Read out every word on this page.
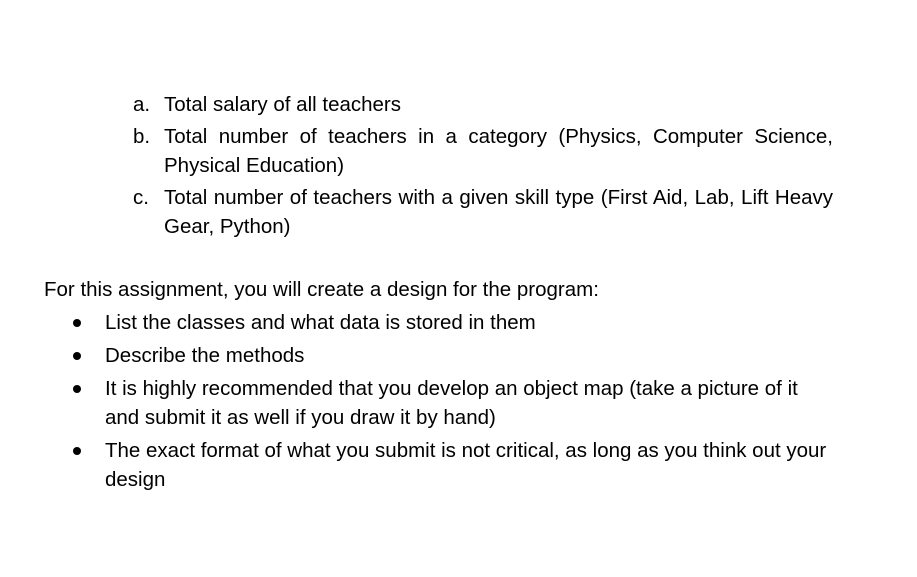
a. Total salary of all teachers
b. Total number of teachers in a category (Physics, Computer Science, Physical Education)
c. Total number of teachers with a given skill type (First Aid, Lab, Lift Heavy Gear, Python)

For this assignment, you will create a design for the program:

List the classes and what data is stored in them
Describe the methods
It is highly recommended that you develop an object map (take a picture of it and submit it as well if you draw it by hand)
The exact format of what you submit is not critical, as long as you think out your design
